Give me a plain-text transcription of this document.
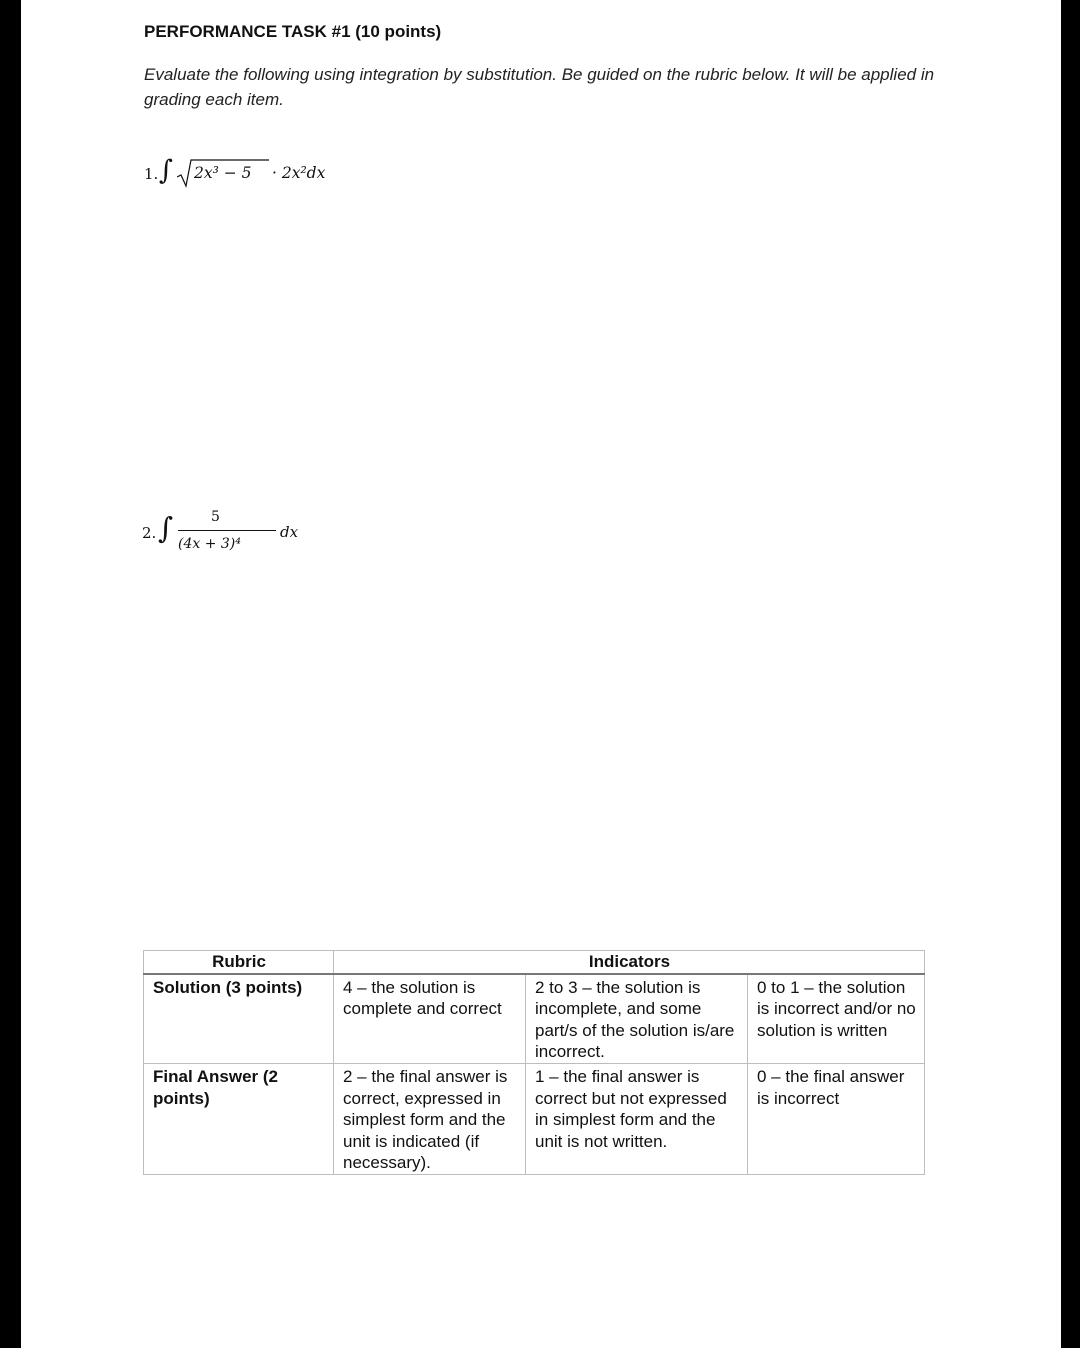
PERFORMANCE TASK #1 (10 points)
Evaluate the following using integration by substitution. Be guided on the rubric below. It will be applied in grading each item.
1. ∫ 2x³ − 5 · 2x²dx
2. ∫	5
(4x + 3)⁴
dx
Rubric	Indicators		
Solution (3 points)	4 – the solution is complete and correct	2 to 3 – the solution is incomplete, and some part/s of the solution is/are incorrect.	0 to 1 – the solution is incorrect and/or no solution is written
Final Answer (2 points)	2 – the final answer is correct, expressed in simplest form and the unit is indicated (if necessary).	1 – the final answer is correct but not expressed in simplest form and the unit is not written.	0 – the final answer is incorrect
